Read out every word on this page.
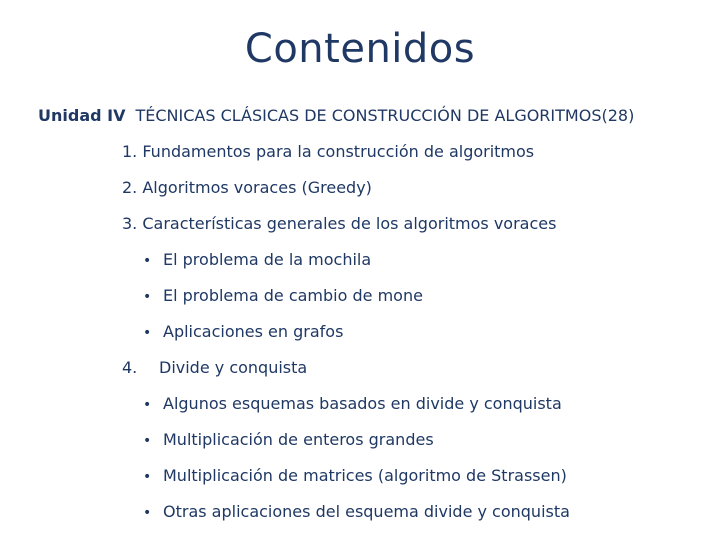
Contenidos
Unidad IV TÉCNICAS CLÁSICAS DE CONSTRUCCIÓN DE ALGORITMOS(28)
1. Fundamentos para la construcción de algoritmos
2. Algoritmos voraces (Greedy)
3. Características generales de los algoritmos voraces
• El problema de la mochila
• El problema de cambio de mone
• Aplicaciones en grafos
4. Divide y conquista
• Algunos esquemas basados en divide y conquista
• Multiplicación de enteros grandes
• Multiplicación de matrices (algoritmo de Strassen)
• Otras aplicaciones del esquema divide y conquista
